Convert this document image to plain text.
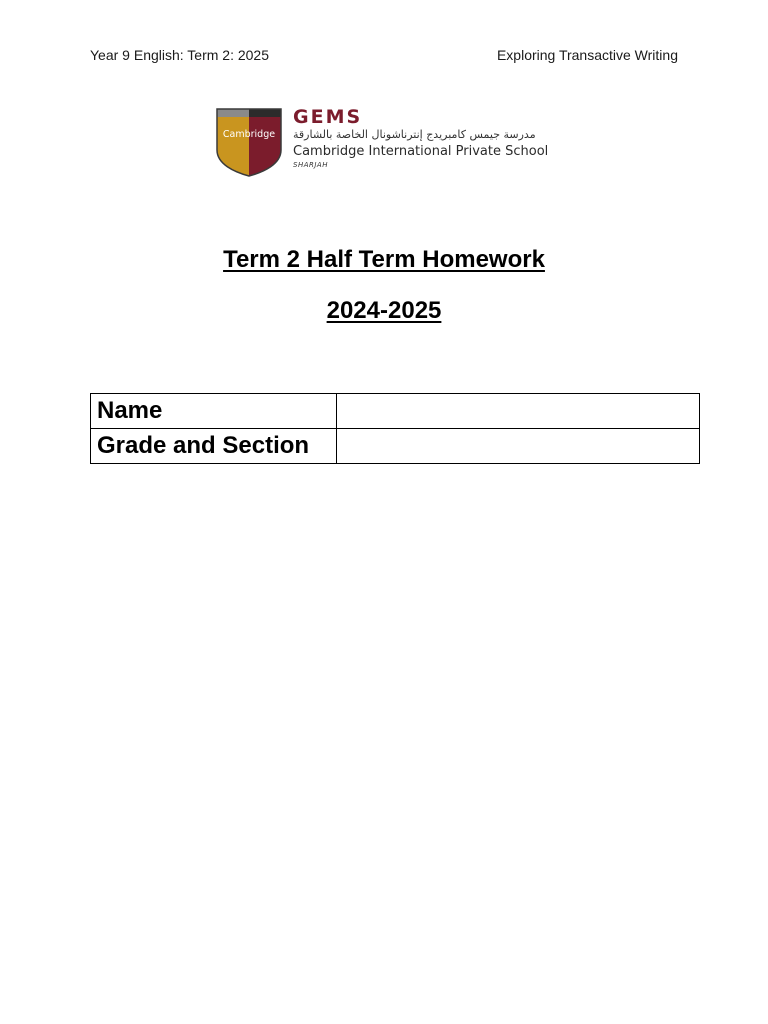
Year 9 English: Term 2: 2025	Exploring Transactive Writing
Cambridge
GEMS
مدرسة جيمس كامبريدج إنترناشونال الخاصة بالشارقة
Cambridge International Private School
SHARJAH
Term 2 Half Term Homework
2024-2025
Name	
Grade and Section	
